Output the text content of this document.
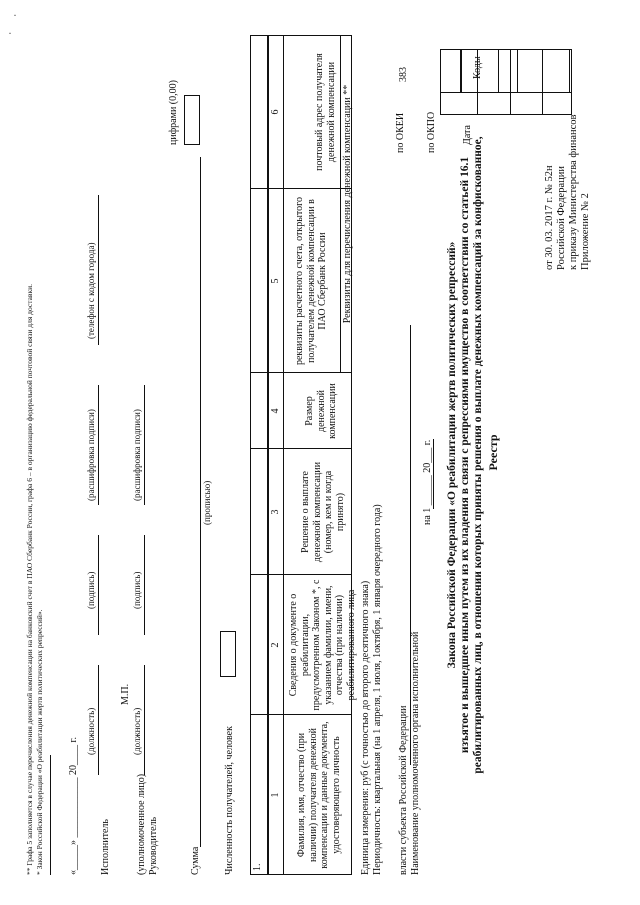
·
·
Приложение № 2
к приказу Министерства финансов
Российской Федерации
от 30. 03. 2017 г. № 52н
Реестр
реабилитированных лиц, в отношении которых приняты решения о выплате денежных компенсаций за конфискованное,
изъятое и вышедшее иным путем из их владения в связи с репрессиями имущество в соответствии со статьей 16.1
Закона Российской Федерации «О реабилитации жертв политических репрессий»
Коды
Дата
по ОКПО
по ОКЕИ
383
на 1 ______ 20___ г.
Наименование уполномоченного органа исполнительной
власти субъекта Российской Федерации
Периодичность: квартальная (на 1 апреля, 1 июля, 1октября, 1 января очередного года)
Единица измерения: руб (с точностью до второго десятичного знака)
Фамилия, имя, отчество (при наличии) получателя денежной компенсации и данные документа, удостоверяющего личность
Сведения о документе о реабилитации, предусмотренном Законом *, с указанием фамилии, имени, отчества (при наличии) реабилитированного лица
Решение о выплате денежной компенсации (номер, кем и когда принято)
Размер денежной компенсации
Реквизиты для перечисления денежной компенсации **
реквизиты расчетного счета, открытого получателем денежной компенсации в ПАО Сбербанк России
почтовый адрес получателя денежной компенсации
1
2
3
4
5
6
1.
Численность получателей, человек
Сумма
(прописью)
цифрами (0,00)
Руководитель
(уполномоченное лицо)
(должность)
(подпись)
(расшифровка подписи)
М.П.
Исполнитель
(должность)
(подпись)
(расшифровка подписи)
(телефон с кодом города)
«_____» ____________ 20____ г.
* Закон Российской Федерации «О реабилитации жертв политических репрессий».
** Графа 5 заполняется в случае перечисления денежной компенсации на банковский счет в ПАО Сбербанк России, графа 6 – в организацию федеральной почтовой связи для доставки.
